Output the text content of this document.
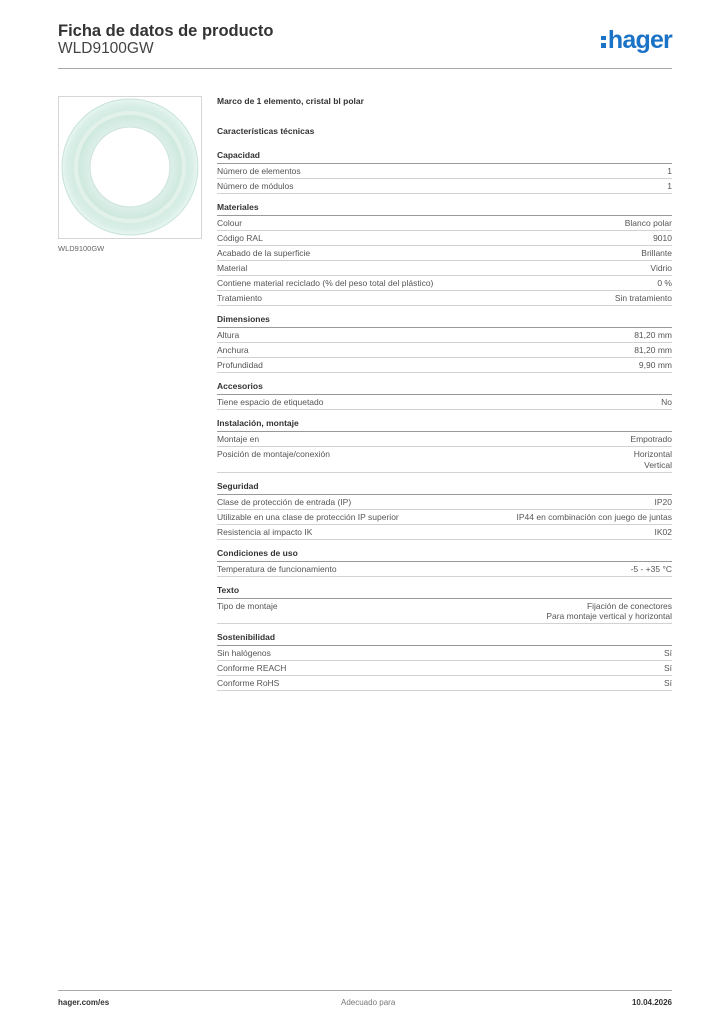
Ficha de datos de producto
WLD9100GW	hager
WLD9100GW
Marco de 1 elemento, cristal bl polar
Características técnicas
Capacidad
Número de elementos	1
Número de módulos	1
Materiales
Colour	Blanco polar
Código RAL	9010
Acabado de la superficie	Brillante
Material	Vidrio
Contiene material reciclado (% del peso total del plástico)	0 %
Tratamiento	Sin tratamiento
Dimensiones
Altura	81,20 mm
Anchura	81,20 mm
Profundidad	9,90 mm
Accesorios
Tiene espacio de etiquetado	No
Instalación, montaje
Montaje en	Empotrado
Posición de montaje/conexión	Horizontal
Vertical
Seguridad
Clase de protección de entrada (IP)	IP20
Utilizable en una clase de protección IP superior	IP44 en combinación con juego de juntas
Resistencia al impacto IK	IK02
Condiciones de uso
Temperatura de funcionamiento	-5 - +35 °C
Texto
Tipo de montaje	Fijación de conectores
Para montaje vertical y horizontal
Sostenibilidad
Sin halógenos	Sí
Conforme REACH	Sí
Conforme RoHS	Sí
hager.com/es	Adecuado para	10.04.2026
